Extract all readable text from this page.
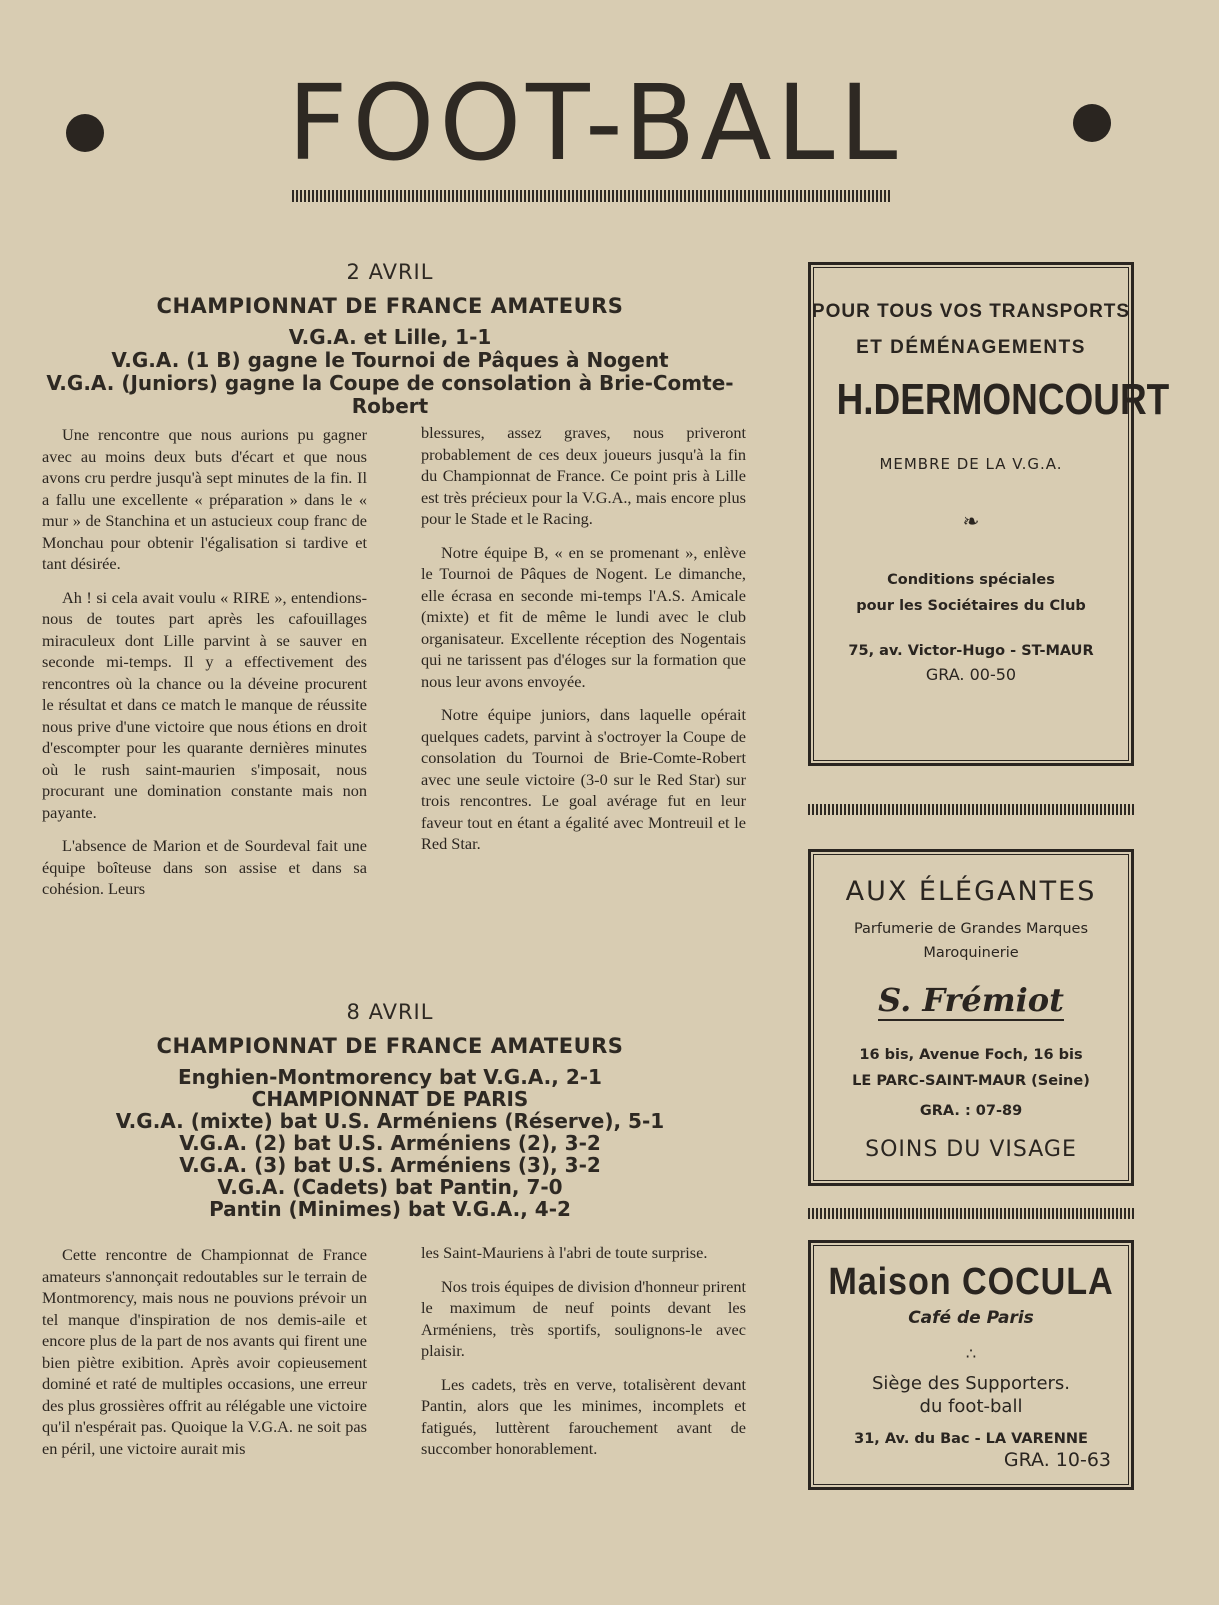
FOOT-BALL
2 AVRIL
CHAMPIONNAT DE FRANCE AMATEURS
V.G.A. et Lille, 1-1
V.G.A. (1 B) gagne le Tournoi de Pâques à Nogent
V.G.A. (Juniors) gagne la Coupe de consolation à Brie-Comte-Robert

Une rencontre que nous aurions pu gagner avec au moins deux buts d'écart et que nous avons cru perdre jusqu'à sept minutes de la fin. Il a fallu une excellente « préparation » dans le « mur » de Stanchina et un astucieux coup franc de Monchau pour obtenir l'égalisation si tardive et tant désirée.

Ah ! si cela avait voulu « RIRE », entendions-nous de toutes part après les cafouillages miraculeux dont Lille parvint à se sauver en seconde mi-temps. Il y a effectivement des rencontres où la chance ou la déveine procurent le résultat et dans ce match le manque de réussite nous prive d'une victoire que nous étions en droit d'escompter pour les quarante dernières minutes où le rush saint-maurien s'imposait, nous procurant une domination constante mais non payante.

L'absence de Marion et de Sourdeval fait une équipe boîteuse dans son assise et dans sa cohésion. Leurs

blessures, assez graves, nous priveront probablement de ces deux joueurs jusqu'à la fin du Championnat de France. Ce point pris à Lille est très précieux pour la V.G.A., mais encore plus pour le Stade et le Racing.

Notre équipe B, « en se promenant », enlève le Tournoi de Pâques de Nogent. Le dimanche, elle écrasa en seconde mi-temps l'A.S. Amicale (mixte) et fit de même le lundi avec le club organisateur. Excellente réception des Nogentais qui ne tarissent pas d'éloges sur la formation que nous leur avons envoyée.

Notre équipe juniors, dans laquelle opérait quelques cadets, parvint à s'octroyer la Coupe de consolation du Tournoi de Brie-Comte-Robert avec une seule victoire (3-0 sur le Red Star) sur trois rencontres. Le goal avérage fut en leur faveur tout en étant a égalité avec Montreuil et le Red Star.

8 AVRIL
CHAMPIONNAT DE FRANCE AMATEURS
Enghien-Montmorency bat V.G.A., 2-1
CHAMPIONNAT DE PARIS
V.G.A. (mixte) bat U.S. Arméniens (Réserve), 5-1
V.G.A. (2) bat U.S. Arméniens (2), 3-2
V.G.A. (3) bat U.S. Arméniens (3), 3-2
V.G.A. (Cadets) bat Pantin, 7-0
Pantin (Minimes) bat V.G.A., 4-2

Cette rencontre de Championnat de France amateurs s'annonçait redoutables sur le terrain de Montmorency, mais nous ne pouvions prévoir un tel manque d'inspiration de nos demis-aile et encore plus de la part de nos avants qui firent une bien piètre exibition. Après avoir copieusement dominé et raté de multiples occasions, une erreur des plus grossières offrit au rélégable une victoire qu'il n'espérait pas. Quoique la V.G.A. ne soit pas en péril, une victoire aurait mis

les Saint-Mauriens à l'abri de toute surprise.

Nos trois équipes de division d'honneur prirent le maximum de neuf points devant les Arméniens, très sportifs, soulignons-le avec plaisir.

Les cadets, très en verve, totalisèrent devant Pantin, alors que les minimes, incomplets et fatigués, luttèrent farouchement avant de succomber honorablement.

POUR TOUS VOS TRANSPORTS
ET DÉMÉNAGEMENTS
H.DERMONCOURT
MEMBRE DE LA V.G.A.
❧
Conditions spéciales
pour les Sociétaires du Club
75, av. Victor-Hugo - ST-MAUR
GRA. 00-50
AUX ÉLÉGANTES
Parfumerie de Grandes Marques
Maroquinerie
S. Frémiot
16 bis, Avenue Foch, 16 bis
LE PARC-SAINT-MAUR (Seine)
GRA. : 07-89
SOINS DU VISAGE
Maison COCULA
Café de Paris
∴
Siège des Supporters.
du foot-ball
31, Av. du Bac - LA VARENNE
GRA. 10-63
